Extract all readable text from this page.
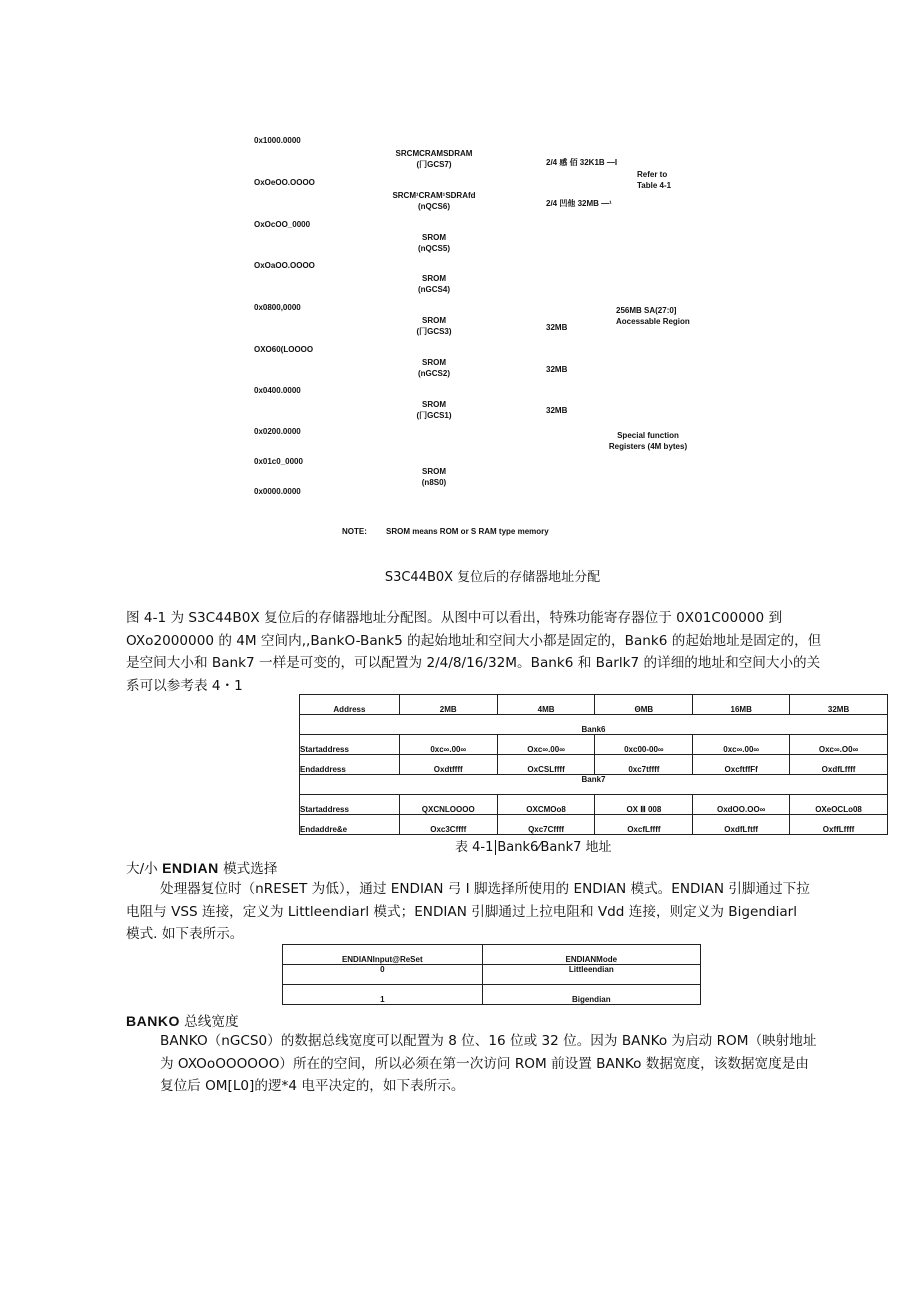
0x1000.0000
OxOeOO.OOOO
OxOcOO_0000
OxOaOO.OOOO
0x0800,0000
OXO60(LOOOO
0x0400.0000
0x0200.0000
0x01c0_0000
0x0000.0000
SRCMCRAMSDRAM
(冂GCS7)
SRCM¹CRAM¹SDRAfd
(nQCS6)
SROM
(nQCS5)
SROM
(nGCS4)
SROM
(冂GCS3)
SROM
(nGCS2)
SROM
(冂GCS1)
SROM
(n8S0)
2/4 感 佰 32K1B —I
2/4 凹他 32MB —¹
32MB
32MB
32MB
Refer to
Table 4-1
256MB SA(27:0]
Aocessable Region
Special function
Registers (4M bytes)
NOTE: SROM means ROM or S RAM type memory
S3C44B0X 复位后的存储器地址分配
图 4-1 为 S3C44B0X 复位后的存储器地址分配图。从图中可以看出，特殊功能寄存器位于 0X01C00000 到
OXo2000000 的 4M 空间内,,BankO-Bank5 的起始地址和空间大小都是固定的，Bank6 的起始地址是固定的，但
是空间大小和 Bank7 一样是可变的，可以配置为 2/4/8/16/32M。Bank6 和 Barlk7 的详细的地址和空间大小的关
系可以参考表 4・1
Address	2MB	4MB	ΘMB	16MB	32MB
Bank6					
Startaddress	0xc∞.00∞	Oxc∞.00∞	0xc00-00∞	0xc∞.00∞	Oxc∞.O0∞
Endaddress	Oxdtffff	OxCSLffff	0xc7tffff	OxcftffFf	OxdfLffff
Bank7					
Startaddress	QXCNLOOOO	OXCMOo8	OX Ⅲ 008	OxdOO.OO∞	OXeOCLo08
Endaddre&e	Oxc3Cffff	Qxc7Cffff	OxcfLffff	OxdfLftff	OxffLffff
表 4-1 Bank6⁄Bank7 地址
大/小 ENDIAN 模式选择
处理器复位时（nRESET 为低），通过 ENDIAN 弓 I 脚选择所使用的 ENDIAN 模式。ENDIAN 引脚通过下拉
电阻与 VSS 连接，定义为 Littleendiarl 模式；ENDIAN 引脚通过上拉电阻和 Vdd 连接，则定义为 Bigendiarl
模式. 如下表所示。
ENDIANInput@ReSet	ENDIANMode
0	Littleendian
1	Bigendian
BANKO 总线宽度
BANKO（nGCS0）的数据总线宽度可以配置为 8 位、16 位或 32 位。因为 BANKo 为启动 ROM（映射地址
为 OXOoOOOOOO）所在的空间，所以必须在第一次访问 ROM 前设置 BANKo 数据宽度，该数据宽度是由
复位后 OM[L0]的逻*4 电平决定的，如下表所示。
